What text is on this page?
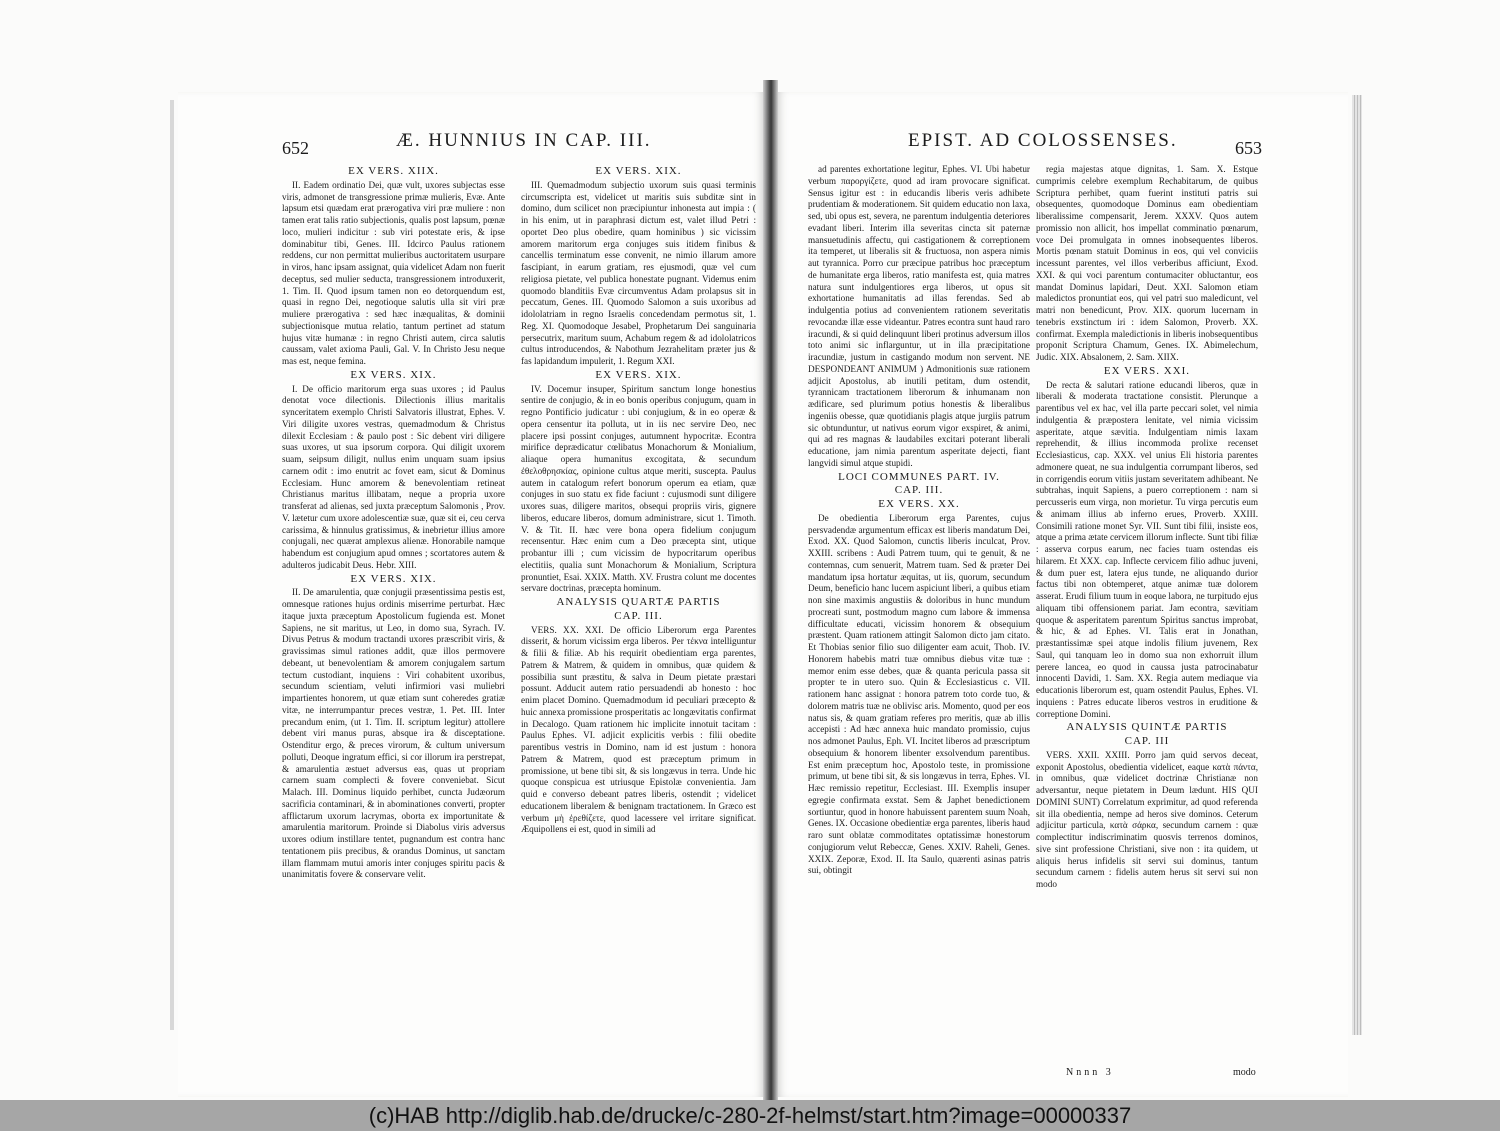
652	Æ. HUNNIUS IN CAP. III.
EX VERS. XIIX.
II. Eadem ordinatio Dei, quæ vult, uxores subjectas esse viris, admonet de transgressione primæ mulieris, Evæ. Ante lapsum etsi quædam erat prærogativa viri præ muliere : non tamen erat talis ratio subjectionis, qualis post lapsum, pœnæ loco, mulieri indicitur : sub viri potestate eris, & ipse dominabitur tibi, Genes. III. Idcirco Paulus rationem reddens, cur non permittat mulieribus auctoritatem usurpare in viros, hanc ipsam assignat, quia videlicet Adam non fuerit deceptus, sed mulier seducta, transgressionem introduxerit, 1. Tim. II. Quod ipsum tamen non eo detorquendum est, quasi in regno Dei, negotioque salutis ulla sit viri præ muliere prærogativa : sed hæc inæqualitas, & dominii subjectionisque mutua relatio, tantum pertinet ad statum hujus vitæ humanæ : in regno Christi autem, circa salutis caussam, valet axioma Pauli, Gal. V. In Christo Jesu neque mas est, neque femina.
EX VERS. XIX.
I. De officio maritorum erga suas uxores ; id Paulus denotat voce dilectionis. Dilectionis illius maritalis synceritatem exemplo Christi Salvatoris illustrat, Ephes. V. Viri diligite uxores vestras, quemadmodum & Christus dilexit Ecclesiam : & paulo post : Sic debent viri diligere suas uxores, ut sua ipsorum corpora. Qui diligit uxorem suam, seipsum diligit, nullus enim unquam suam ipsius carnem odit : imo enutrit ac fovet eam, sicut & Dominus Ecclesiam. Hunc amorem & benevolentiam retineat Christianus maritus illibatam, neque a propria uxore transferat ad alienas, sed juxta præceptum Salomonis , Prov. V. lætetur cum uxore adolescentiæ suæ, quæ sit ei, ceu cerva carissima, & hinnulus gratissimus, & inebrietur illius amore conjugali, nec quærat amplexus alienæ. Honorabile namque habendum est conjugium apud omnes ; scortatores autem & adulteros judicabit Deus. Hebr. XIII.
EX VERS. XIX.
II. De amarulentia, quæ conjugii præsentissima pestis est, omnesque rationes hujus ordinis miserrime perturbat. Hæc itaque juxta præceptum Apostolicum fugienda est. Monet Sapiens, ne sit maritus, ut Leo, in domo sua, Syrach. IV. Divus Petrus & modum tractandi uxores præscribit viris, & gravissimas simul rationes addit, quæ illos permovere debeant, ut benevolentiam & amorem conjugalem sartum tectum custodiant, inquiens : Viri cohabitent uxoribus, secundum scientiam, veluti infirmiori vasi muliebri impartientes honorem, ut quæ etiam sunt coheredes gratiæ vitæ, ne interrumpantur preces vestræ, 1. Pet. III. Inter precandum enim, (ut 1. Tim. II. scriptum legitur) attollere debent viri manus puras, absque ira & disceptatione. Ostenditur ergo, & preces virorum, & cultum universum polluti, Deoque ingratum effici, si cor illorum ira perstrepat, & amarulentia æstuet adversus eas, quas ut propriam carnem suam complecti & fovere conveniebat. Sicut Malach. III. Dominus liquido perhibet, cuncta Judæorum sacrificia contaminari, & in abominationes converti, propter afflictarum uxorum lacrymas, oborta ex importunitate & amarulentia maritorum. Proinde si Diabolus viris adversus uxores odium instillare tentet, pugnandum est contra hanc tentationem piis precibus, & orandus Dominus, ut sanctam illam flammam mutui amoris inter conjuges spiritu pacis & unanimitatis fovere & conservare velit.
EX VERS. XIX.
III. Quemadmodum subjectio uxorum suis quasi terminis circumscripta est, videlicet ut maritis suis subditæ sint in domino, dum scilicet non præcipiuntur inhonesta aut impia : ( in his enim, ut in paraphrasi dictum est, valet illud Petri : oportet Deo plus obedire, quam hominibus ) sic vicissim amorem maritorum erga conjuges suis itidem finibus & cancellis terminatum esse convenit, ne nimio illarum amore fascipiant, in earum gratiam, res ejusmodi, quæ vel cum religiosa pietate, vel publica honestate pugnant. Videmus enim quomodo blanditiis Evæ circumventus Adam prolapsus sit in peccatum, Genes. III. Quomodo Salomon a suis uxoribus ad idololatriam in regno Israelis concedendam permotus sit, 1. Reg. XI. Quomodoque Jesabel, Prophetarum Dei sanguinaria persecutrix, maritum suum, Achabum regem & ad idololatricos cultus introducendos, & Nabothum Jezrahelitam præter jus & fas lapidandum impulerit, 1. Regum XXI.
EX VERS. XIX.
IV. Docemur insuper, Spiritum sanctum longe honestius sentire de conjugio, & in eo bonis operibus conjugum, quam in regno Pontificio judicatur : ubi conjugium, & in eo operæ & opera censentur ita polluta, ut in iis nec servire Deo, nec placere ipsi possint conjuges, autumnent hypocritæ. Econtra mirifice deprædicatur cœlibatus Monachorum & Monialium, aliaque opera humanitus excogitata, & secundum ἐθελοθρησκίας, opinione cultus atque meriti, suscepta. Paulus autem in catalogum refert bonorum operum ea etiam, quæ conjuges in suo statu ex fide faciunt : cujusmodi sunt diligere uxores suas, diligere maritos, obsequi propriis viris, gignere liberos, educare liberos, domum administrare, sicut 1. Timoth. V. & Tit. II. hæc vere bona opera fidelium conjugum recensentur. Hæc enim cum a Deo præcepta sint, utique probantur illi ; cum vicissim de hypocritarum operibus electitiis, qualia sunt Monachorum & Monialium, Scriptura pronuntiet, Esai. XXIX. Matth. XV. Frustra colunt me docentes servare doctrinas, præcepta hominum.
ANALYSIS QUARTÆ PARTIS
CAP. III.
VERS. XX. XXI. De officio Liberorum erga Parentes disserit, & horum vicissim erga liberos. Per τέκνα intelliguntur & filii & filiæ. Ab his requirit obedientiam erga parentes, Patrem & Matrem, & quidem in omnibus, quæ quidem & possibilia sunt præstitu, & salva in Deum pietate præstari possunt. Adducit autem ratio persuadendi ab honesto : hoc enim placet Domino. Quemadmodum id peculiari præcepto & huic annexa promissione prosperitatis ac longævitatis confirmat in Decalogo. Quam rationem hic implicite innotuit tacitam : Paulus Ephes. VI. adjicit explicitis verbis : filii obedite parentibus vestris in Domino, nam id est justum : honora Patrem & Matrem, quod est præceptum primum in promissione, ut bene tibi sit, & sis longævus in terra. Unde hic quoque conspicua est utriusque Epistolæ convenientia. Jam quid e converso debeant patres liberis, ostendit ; videlicet educationem liberalem & benignam tractationem. In Græco est verbum μὴ ἐρεθίζετε, quod lacessere vel irritare significat. Æquipollens ei est, quod in simili ad
EPIST. AD COLOSSENSES.	653
ad parentes exhortatione legitur, Ephes. VI. Ubi habetur verbum παροργίζετε, quod ad iram provocare significat. Sensus igitur est : in educandis liberis veris adhibete prudentiam & moderationem. Sit quidem educatio non laxa, sed, ubi opus est, severa, ne parentum indulgentia deteriores evadant liberi. Interim illa severitas cincta sit paternæ mansuetudinis affectu, qui castigationem & correptionem ita temperet, ut liberalis sit & fructuosa, non aspera nimis aut tyrannica. Porro cur præcipue patribus hoc præceptum de humanitate erga liberos, ratio manifesta est, quia matres natura sunt indulgentiores erga liberos, ut opus sit exhortatione humanitatis ad illas ferendas. Sed ab indulgentia potius ad convenientem rationem severitatis revocandæ illæ esse videantur. Patres econtra sunt haud raro iracundi, & si quid delinquunt liberi protinus adversum illos toto animi sic inflarguntur, ut in illa præcipitatione iracundiæ, justum in castigando modum non servent. NE DESPONDEANT ANIMUM ) Admonitionis suæ rationem adjicit Apostolus, ab inutili petitam, dum ostendit, tyrannicam tractationem liberorum & inhumanam non ædificare, sed plurimum potius honestis & liberalibus ingeniis obesse, quæ quotidianis plagis atque jurgiis patrum sic obtunduntur, ut nativus eorum vigor exspiret, & animi, qui ad res magnas & laudabiles excitari poterant liberali educatione, jam nimia parentum asperitate dejecti, fiant langvidi simul atque stupidi.
LOCI COMMUNES PART. IV.
CAP. III.
EX VERS. XX.
De obedientia Liberorum erga Parentes, cujus persvadendæ argumentum efficax est liberis mandatum Dei, Exod. XX. Quod Salomon, cunctis liberis inculcat, Prov. XXIII. scribens : Audi Patrem tuum, qui te genuit, & ne contemnas, cum senuerit, Matrem tuam. Sed & præter Dei mandatum ipsa hortatur æquitas, ut iis, quorum, secundum Deum, beneficio hanc lucem aspiciunt liberi, a quibus etiam non sine maximis angustiis & doloribus in hunc mundum procreati sunt, postmodum magno cum labore & immensa difficultate educati, vicissim honorem & obsequium præstent. Quam rationem attingit Salomon dicto jam citato. Et Thobias senior filio suo diligenter eam acuit, Thob. IV. Honorem habebis matri tuæ omnibus diebus vitæ tuæ : memor enim esse debes, quæ & quanta pericula passa sit propter te in utero suo. Quin & Ecclesiasticus c. VII. rationem hanc assignat : honora patrem toto corde tuo, & dolorem matris tuæ ne oblivisc aris. Momento, quod per eos natus sis, & quam gratiam referes pro meritis, quæ ab illis accepisti : Ad hæc annexa huic mandato promissio, cujus nos admonet Paulus, Eph. VI. Incitet liberos ad præscriptum obsequium & honorem libenter exsolvendum parentibus. Est enim præceptum hoc, Apostolo teste, in promissione primum, ut bene tibi sit, & sis longævus in terra, Ephes. VI. Hæc remissio repetitur, Ecclesiast. III. Exemplis insuper egregie confirmata exstat. Sem & Japhet benedictionem sortiuntur, quod in honore habuissent parentem suum Noah, Genes. IX. Occasione obedientiæ erga parentes, liberis haud raro sunt oblatæ commoditates optatissimæ honestorum conjugiorum velut Rebeccæ, Genes. XXIV. Raheli, Genes. XXIX. Zeporæ, Exod. II. Ita Saulo, quærenti asinas patris sui, obtingit
regia majestas atque dignitas, 1. Sam. X. Estque cumprimis celebre exemplum Rechabitarum, de quibus Scriptura perhibet, quam fuerint instituti patris sui obsequentes, quomodoque Dominus eam obedientiam liberalissime compensarit, Jerem. XXXV. Quos autem promissio non allicit, hos impellat comminatio pœnarum, voce Dei promulgata in omnes inobsequentes liberos. Mortis pœnam statuit Dominus in eos, qui vel conviciis incessunt parentes, vel illos verberibus afficiunt, Exod. XXI. & qui voci parentum contumaciter obluctantur, eos mandat Dominus lapidari, Deut. XXI. Salomon etiam maledictos pronuntiat eos, qui vel patri suo maledicunt, vel matri non benedicunt, Prov. XIX. quorum lucernam in tenebris exstinctum iri : idem Salomon, Proverb. XX. confirmat. Exempla maledictionis in liberis inobsequentibus proponit Scriptura Chamum, Genes. IX. Abimelechum, Judic. XIX. Absalonem, 2. Sam. XIIX.
EX VERS. XXI.
De recta & salutari ratione educandi liberos, quæ in liberali & moderata tractatione consistit. Plerunque a parentibus vel ex hac, vel illa parte peccari solet, vel nimia indulgentia & præpostera lenitate, vel nimia vicissim asperitate, atque sævitia. Indulgentiam nimis laxam reprehendit, & illius incommoda prolixe recenset Ecclesiasticus, cap. XXX. vel unius Eli historia parentes admonere queat, ne sua indulgentia corrumpant liberos, sed in corrigendis eorum vitiis justam severitatem adhibeant. Ne subtrahas, inquit Sapiens, a puero correptionem : nam si percusseris eum virga, non morietur. Tu virga percutis eum & animam illius ab inferno erues, Proverb. XXIII. Consimili ratione monet Syr. VII. Sunt tibi filii, insiste eos, atque a prima ætate cervicem illorum inflecte. Sunt tibi filiæ : asserva corpus earum, nec facies tuam ostendas eis hilarem. Et XXX. cap. Inflecte cervicem filio adhuc juveni, & dum puer est, latera ejus tunde, ne aliquando durior factus tibi non obtemperet, atque animæ tuæ dolorem asserat. Erudi filium tuum in eoque labora, ne turpitudo ejus aliquam tibi offensionem pariat. Jam econtra, sævitiam quoque & asperitatem parentum Spiritus sanctus improbat, & hic, & ad Ephes. VI. Talis erat in Jonathan, præstantissimæ spei atque indolis filium juvenem, Rex Saul, qui tanquam leo in domo sua non exhorruit illum perere lancea, eo quod in caussa justa patrocinabatur innocenti Davidi, 1. Sam. XX. Regia autem mediaque via educationis liberorum est, quam ostendit Paulus, Ephes. VI. inquiens : Patres educate liberos vestros in eruditione & correptione Domini.
ANALYSIS QUINTÆ PARTIS
CAP. III
VERS. XXII. XXIII. Porro jam quid servos deceat, exponit Apostolus, obedientia videlicet, eaque κατὰ πάντα, in omnibus, quæ videlicet doctrinæ Christianæ non adversantur, neque pietatem in Deum lædunt. HIS QUI DOMINI SUNT) Correlatum exprimitur, ad quod referenda sit illa obedientia, nempe ad heros sive dominos. Ceterum adjicitur particula, κατὰ σάρκα, secundum carnem : quæ complectitur indiscriminatim quosvis terrenos dominos, sive sint professione Christiani, sive non : ita quidem, ut aliquis herus infidelis sit servi sui dominus, tantum secundum carnem : fidelis autem herus sit servi sui non modo
Nnnn 3	modo
(c)HAB http://diglib.hab.de/drucke/c-280-2f-helmst/start.htm?image=00000337
